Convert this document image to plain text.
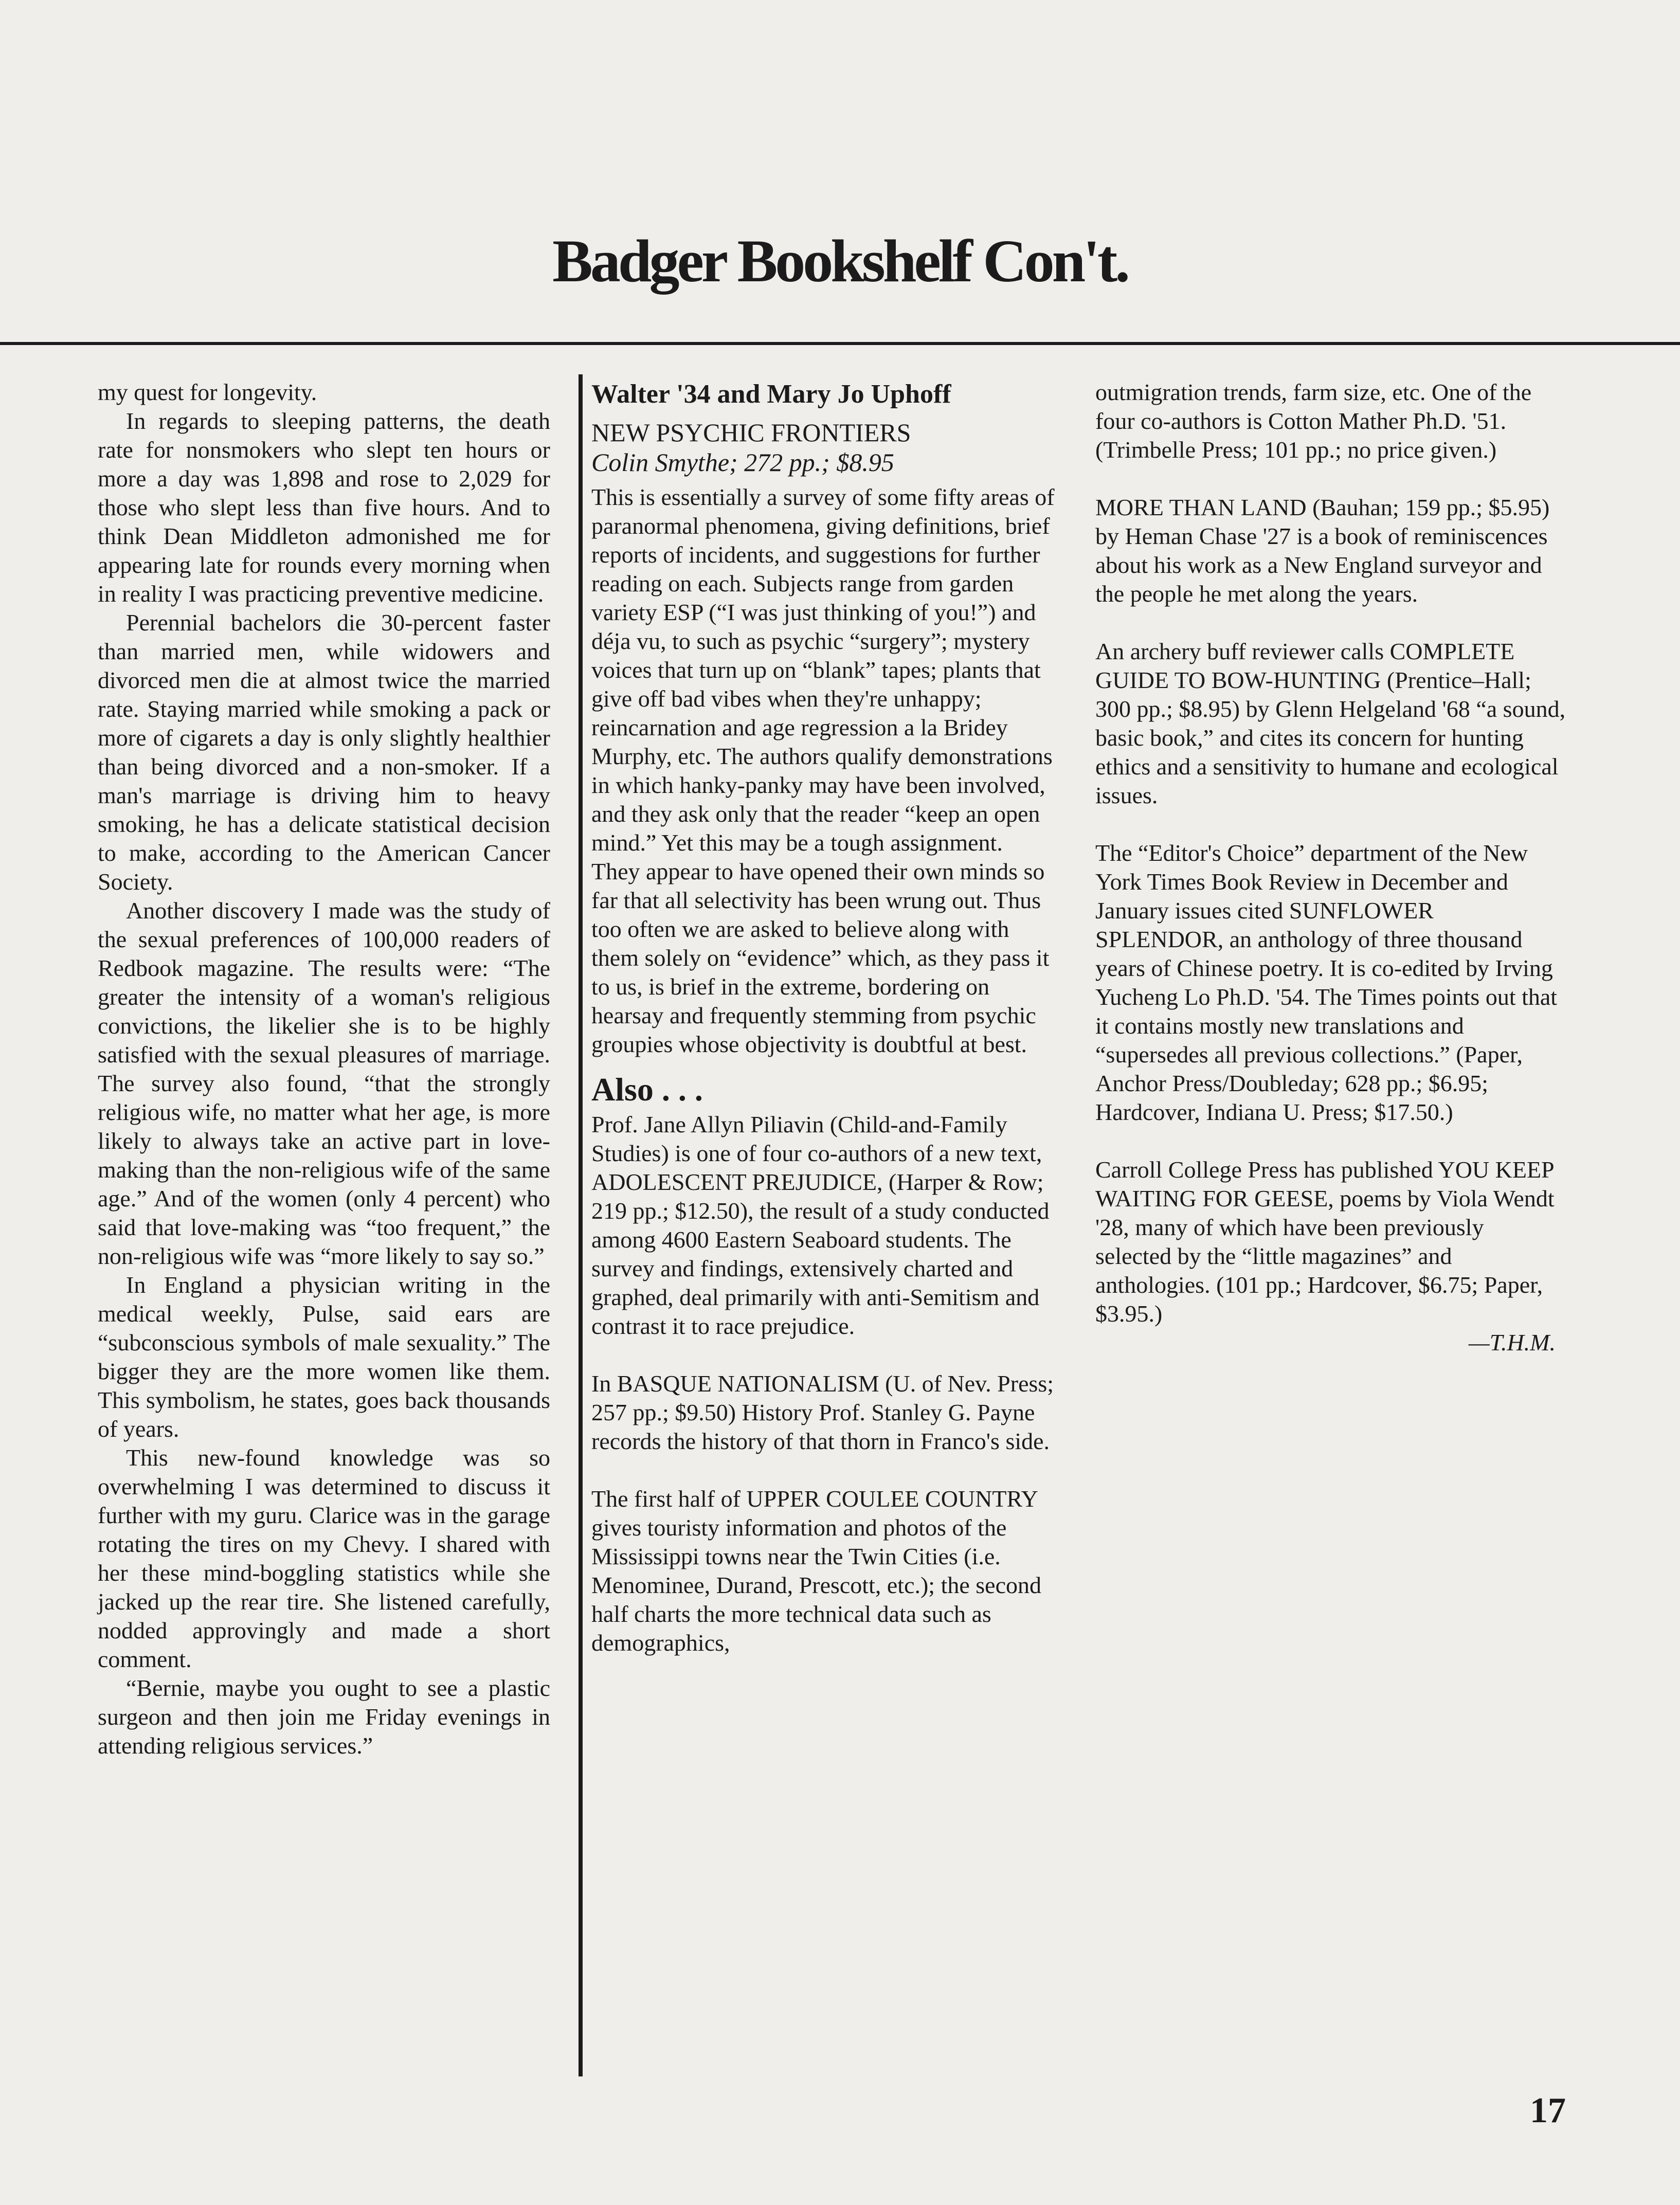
Badger Bookshelf Con't.

my quest for longevity.

In regards to sleeping patterns, the death rate for nonsmokers who slept ten hours or more a day was 1,898 and rose to 2,029 for those who slept less than five hours. And to think Dean Middleton admonished me for appearing late for rounds every morning when in reality I was practicing preventive medicine.

Perennial bachelors die 30-percent faster than married men, while widowers and divorced men die at almost twice the married rate. Staying married while smoking a pack or more of cigarets a day is only slightly healthier than being divorced and a non-smoker. If a man's marriage is driving him to heavy smoking, he has a delicate statistical decision to make, according to the American Cancer Society.

Another discovery I made was the study of the sexual preferences of 100,000 readers of Redbook magazine. The results were: “The greater the intensity of a woman's religious convictions, the likelier she is to be highly satisfied with the sexual pleasures of marriage. The survey also found, “that the strongly religious wife, no matter what her age, is more likely to always take an active part in love-making than the non-religious wife of the same age.” And of the women (only 4 percent) who said that love-making was “too frequent,” the non-religious wife was “more likely to say so.”

In England a physician writing in the medical weekly, Pulse, said ears are “subconscious symbols of male sexuality.” The bigger they are the more women like them. This symbolism, he states, goes back thousands of years.

This new-found knowledge was so overwhelming I was determined to discuss it further with my guru. Clarice was in the garage rotating the tires on my Chevy. I shared with her these mind-boggling statistics while she jacked up the rear tire. She listened carefully, nodded approvingly and made a short comment.

“Bernie, maybe you ought to see a plastic surgeon and then join me Friday evenings in attending religious services.”

Walter '34 and Mary Jo Uphoff

NEW PSYCHIC FRONTIERS

Colin Smythe; 272 pp.; $8.95

This is essentially a survey of some fifty areas of paranormal phenomena, giving definitions, brief reports of incidents, and suggestions for further reading on each. Subjects range from garden variety ESP (“I was just thinking of you!”) and déja vu, to such as psychic “surgery”; mystery voices that turn up on “blank” tapes; plants that give off bad vibes when they're unhappy; reincarnation and age regression a la Bridey Murphy, etc. The authors qualify demonstrations in which hanky-panky may have been involved, and they ask only that the reader “keep an open mind.” Yet this may be a tough assignment. They appear to have opened their own minds so far that all selectivity has been wrung out. Thus too often we are asked to believe along with them solely on “evidence” which, as they pass it to us, is brief in the extreme, bordering on hearsay and frequently stemming from psychic groupies whose objectivity is doubtful at best.

Also . . .

Prof. Jane Allyn Piliavin (Child-and-Family Studies) is one of four co-authors of a new text, ADOLESCENT PREJUDICE, (Harper & Row; 219 pp.; $12.50), the result of a study conducted among 4600 Eastern Seaboard students. The survey and findings, extensively charted and graphed, deal primarily with anti-Semitism and contrast it to race prejudice.

In BASQUE NATIONALISM (U. of Nev. Press; 257 pp.; $9.50) History Prof. Stanley G. Payne records the history of that thorn in Franco's side.

The first half of UPPER COULEE COUNTRY gives touristy information and photos of the Mississippi towns near the Twin Cities (i.e. Menominee, Durand, Prescott, etc.); the second half charts the more technical data such as demographics,

outmigration trends, farm size, etc. One of the four co-authors is Cotton Mather Ph.D. '51. (Trimbelle Press; 101 pp.; no price given.)

MORE THAN LAND (Bauhan; 159 pp.; $5.95) by Heman Chase '27 is a book of reminiscences about his work as a New England surveyor and the people he met along the years.

An archery buff reviewer calls COMPLETE GUIDE TO BOW-HUNTING (Prentice–Hall; 300 pp.; $8.95) by Glenn Helgeland '68 “a sound, basic book,” and cites its concern for hunting ethics and a sensitivity to humane and ecological issues.

The “Editor's Choice” department of the New York Times Book Review in December and January issues cited SUNFLOWER SPLENDOR, an anthology of three thousand years of Chinese poetry. It is co-edited by Irving Yucheng Lo Ph.D. '54. The Times points out that it contains mostly new translations and “supersedes all previous collections.” (Paper, Anchor Press/Doubleday; 628 pp.; $6.95; Hardcover, Indiana U. Press; $17.50.)

Carroll College Press has published YOU KEEP WAITING FOR GEESE, poems by Viola Wendt '28, many of which have been previously selected by the “little magazines” and anthologies. (101 pp.; Hardcover, $6.75; Paper, $3.95.)

—T.H.M.

17
